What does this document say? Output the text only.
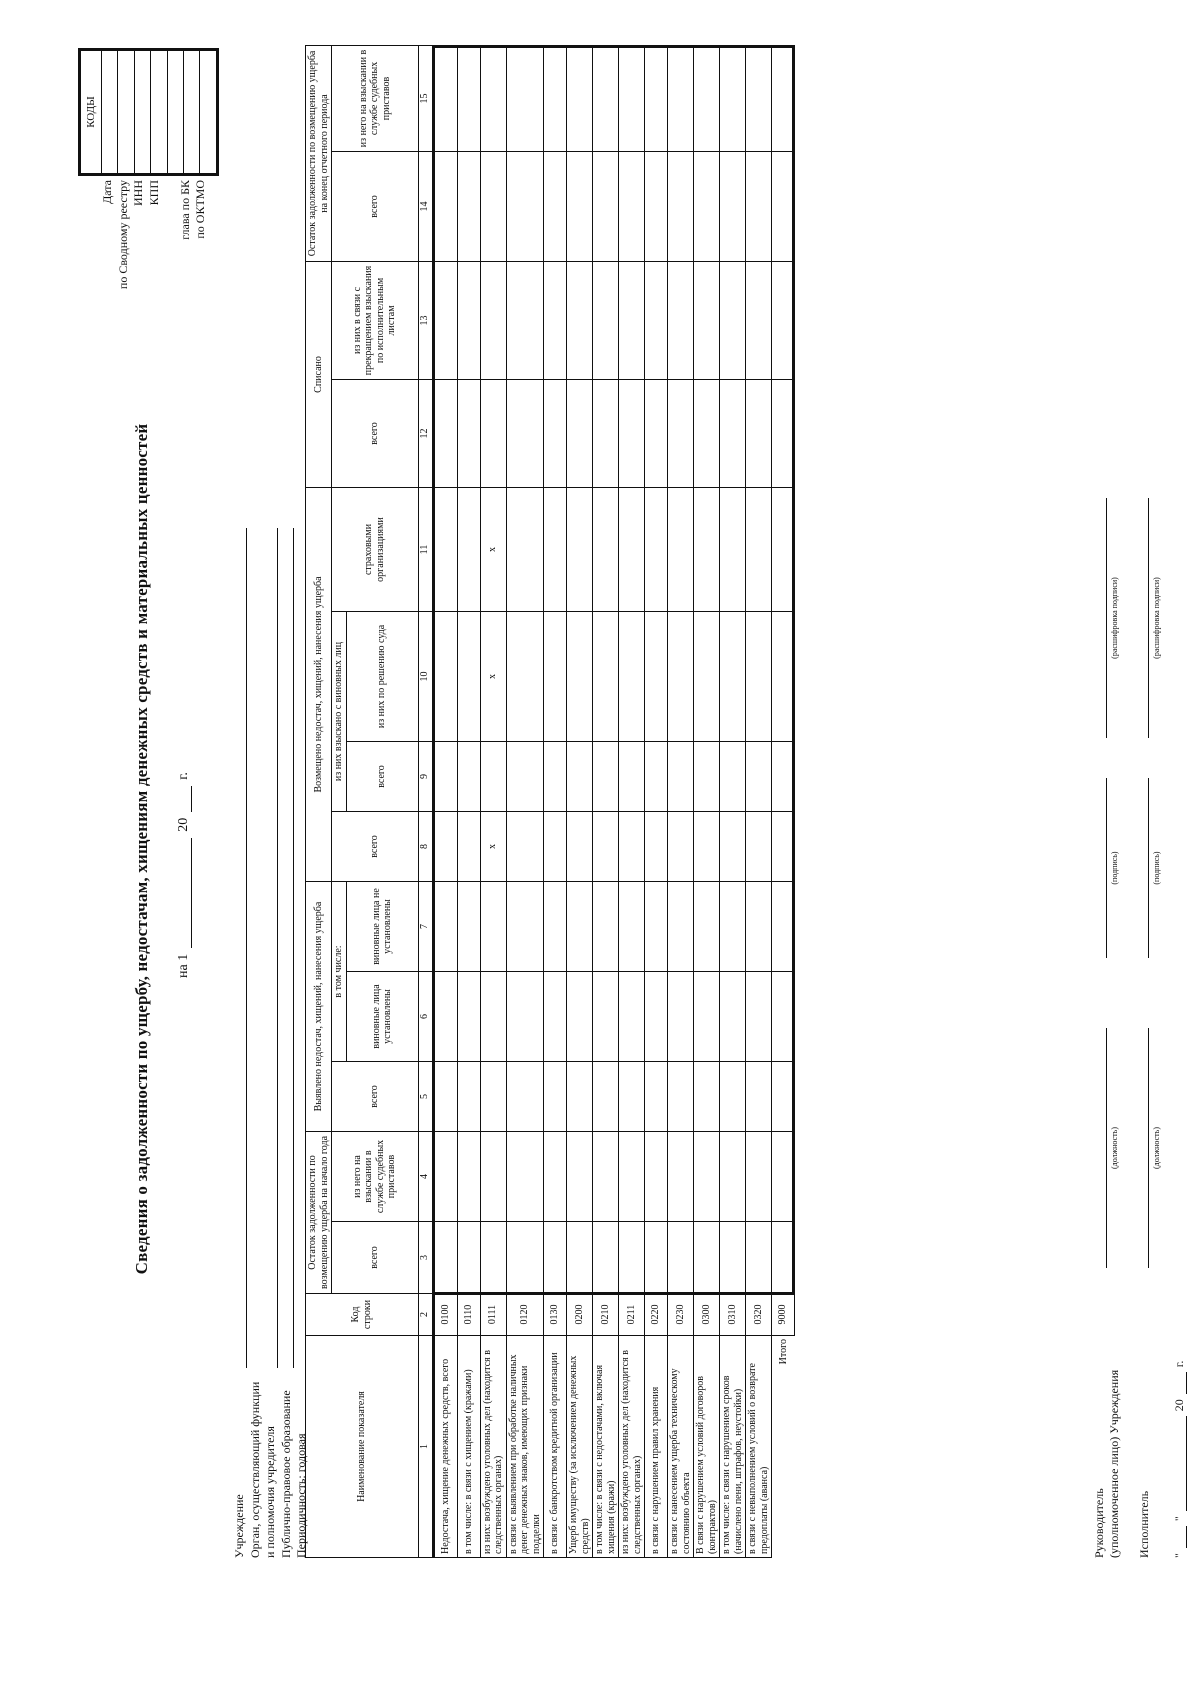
Сведения о задолженности по ущербу, недостачам, хищениям денежных средств и материальных ценностей на 1
20
г.
Учреждение Орган, осуществляющий функции и полномочия учредителя Публично-правовое образование Периодичность: годовая
Дата по Сводному реестру ИНН КПП глава по БК по ОКТМО
КОДЫ

Наименование показателя	Код строки	Остаток задолженности по возмещению ущерба на начало года		Выявлено недостач, хищений, нанесения ущерба			Возмещено недостач, хищений, нанесения ущерба				Списано		Остаток задолженности по возмещению ущерба на конец отчетного периода	
		всего	из него на взыскании в службе судебных приставов	всего	в том числе:		всего	из них взыскано с виновных лиц		страховыми организациями	всего	из них в связи с прекращением взыскания по исполнительным листам	всего	из него на взыскании в службе судебных приставов
					виновные лица установлены	виновные лица не установлены		всего	из них по решению суда					
1	2	3	4	5	6	7	8	9	10	11	12	13	14	15
Недостача, хищение денежных средств, всего	0100													
в том числе: в связи с хищением (кражами)	0110													
из них: возбуждено уголовных дел (находится в следственных органах)	0111						х		х	х				
в связи с выявлением при обработке наличных денег денежных знаков, имеющих признаки подделки	0120													
в связи с банкротством кредитной организации	0130													
Ущерб имуществу (за исключением денежных средств)	0200													
в том числе: в связи с недостачами, включая хищения (кражи)	0210													
из них: возбуждено уголовных дел (находится в следственных органах)	0211													
в связи с нарушением правил хранения	0220													
в связи с нанесением ущерба техническому состоянию объекта	0230													
В связи с нарушением условий договоров (контрактов)	0300													
в том числе: в связи с нарушением сроков (начислено пени, штрафов, неустойки)	0310													
в связи с невыполнением условий о возврате предоплаты (аванса)	0320													
Итого	9000													
Руководитель (уполномоченное лицо) Учреждения
(должность)
(подпись)
(расшифровка подписи)
Исполнитель
(должность)
(подпись)
(расшифровка подписи)
"
"
20
г.
